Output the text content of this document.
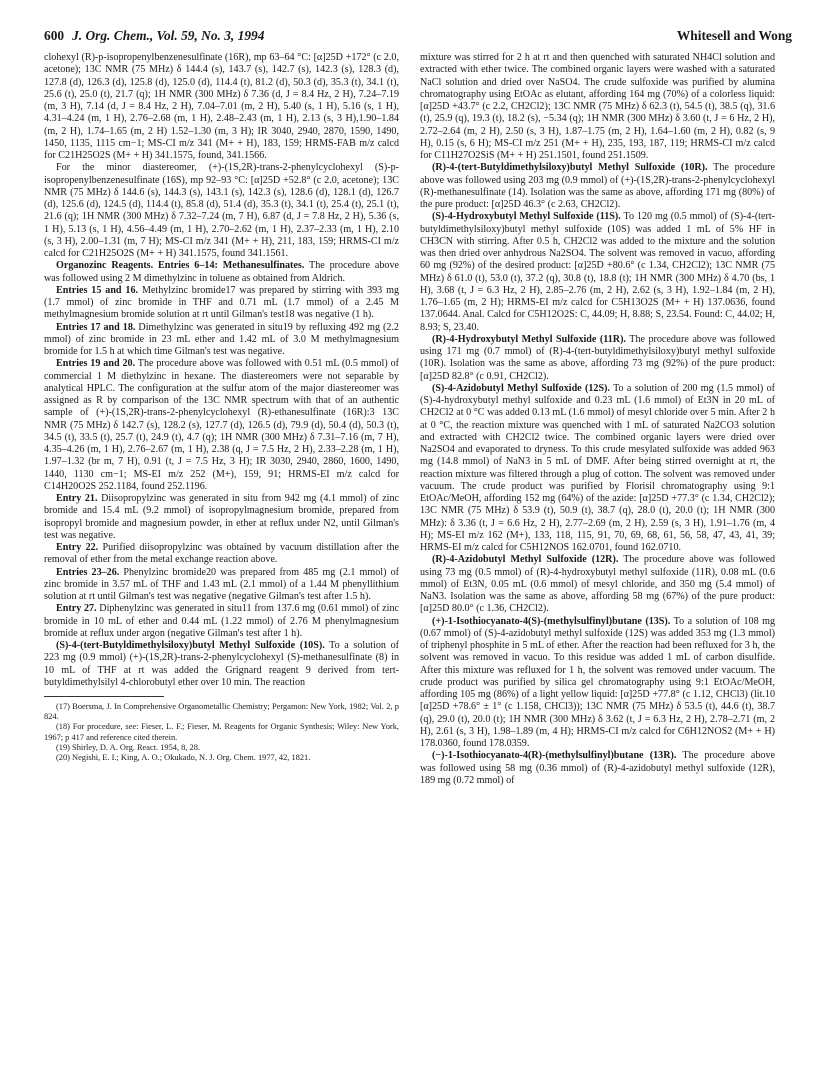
600 J. Org. Chem., Vol. 59, No. 3, 1994	Whitesell and Wong

clohexyl (R)-p-isopropenylbenzenesulfinate (16R), mp 63–64 °C: [α]25D +172° (c 2.0, acetone); 13C NMR (75 MHz) δ 144.4 (s), 143.7 (s), 142.7 (s), 142.3 (s), 128.3 (d), 127.8 (d), 126.3 (d), 125.8 (d), 125.0 (d), 114.4 (t), 81.2 (d), 50.3 (d), 35.3 (t), 34.1 (t), 25.6 (t), 25.0 (t), 21.7 (q); 1H NMR (300 MHz) δ 7.36 (d, J = 8.4 Hz, 2 H), 7.24–7.19 (m, 3 H), 7.14 (d, J = 8.4 Hz, 2 H), 7.04–7.01 (m, 2 H), 5.40 (s, 1 H), 5.16 (s, 1 H), 4.31–4.24 (m, 1 H), 2.76–2.68 (m, 1 H), 2.48–2.43 (m, 1 H), 2.13 (s, 3 H),1.90–1.84 (m, 2 H), 1.74–1.65 (m, 2 H) 1.52–1.30 (m, 3 H); IR 3040, 2940, 2870, 1590, 1490, 1450, 1135, 1115 cm−1; MS-CI m/z 341 (M+ + H), 183, 159; HRMS-FAB m/z calcd for C21H25O2S (M+ + H) 341.1575, found, 341.1566.

For the minor diastereomer, (+)-(1S,2R)-trans-2-phenylcyclohexyl (S)-p-isopropenylbenzenesulfinate (16S), mp 92–93 °C: [α]25D +52.8° (c 2.0, acetone); 13C NMR (75 MHz) δ 144.6 (s), 144.3 (s), 143.1 (s), 142.3 (s), 128.6 (d), 128.1 (d), 126.7 (d), 125.6 (d), 124.5 (d), 114.4 (t), 85.8 (d), 51.4 (d), 35.3 (t), 34.1 (t), 25.4 (t), 25.1 (t), 21.6 (q); 1H NMR (300 MHz) δ 7.32–7.24 (m, 7 H), 6.87 (d, J = 7.8 Hz, 2 H), 5.36 (s, 1 H), 5.13 (s, 1 H), 4.56–4.49 (m, 1 H), 2.70–2.62 (m, 1 H), 2.37–2.33 (m, 1 H), 2.10 (s, 3 H), 2.00–1.31 (m, 7 H); MS-CI m/z 341 (M+ + H), 211, 183, 159; HRMS-CI m/z calcd for C21H25O2S (M+ + H) 341.1575, found 341.1561.

Organozinc Reagents. Entries 6–14: Methanesulfinates. The procedure above was followed using 2 M dimethylzinc in toluene as obtained from Aldrich.

Entries 15 and 16. Methylzinc bromide17 was prepared by stirring with 393 mg (1.7 mmol) of zinc bromide in THF and 0.71 mL (1.7 mmol) of a 2.45 M methylmagnesium bromide solution at rt until Gilman's test18 was negative (1 h).

Entries 17 and 18. Dimethylzinc was generated in situ19 by refluxing 492 mg (2.2 mmol) of zinc bromide in 23 mL ether and 1.42 mL of 3.0 M methylmagnesium bromide for 1.5 h at which time Gilman's test was negative.

Entries 19 and 20. The procedure above was followed with 0.51 mL (0.5 mmol) of commercial 1 M diethylzinc in hexane. The diastereomers were not separable by analytical HPLC. The configuration at the sulfur atom of the major diastereomer was assigned as R by comparison of the 13C NMR spectrum with that of an authentic sample of (+)-(1S,2R)-trans-2-phenylcyclohexyl (R)-ethanesulfinate (16R):3 13C NMR (75 MHz) δ 142.7 (s), 128.2 (s), 127.7 (d), 126.5 (d), 79.9 (d), 50.4 (d), 50.3 (t), 34.5 (t), 33.5 (t), 25.7 (t), 24.9 (t), 4.7 (q); 1H NMR (300 MHz) δ 7.31–7.16 (m, 7 H), 4.35–4.26 (m, 1 H), 2.76–2.67 (m, 1 H), 2.38 (q, J = 7.5 Hz, 2 H), 2.33–2.28 (m, 1 H), 1.97–1.32 (br m, 7 H), 0.91 (t, J = 7.5 Hz, 3 H); IR 3030, 2940, 2860, 1600, 1490, 1440, 1130 cm−1; MS-EI m/z 252 (M+), 159, 91; HRMS-EI m/z calcd for C14H20O2S 252.1184, found 252.1196.

Entry 21. Diisopropylzinc was generated in situ from 942 mg (4.1 mmol) of zinc bromide and 15.4 mL (9.2 mmol) of isopropylmagnesium bromide, prepared from isopropyl bromide and magnesium powder, in ether at reflux under N2, until Gilman's test was negative.

Entry 22. Purified diisopropylzinc was obtained by vacuum distillation after the removal of ether from the metal exchange reaction above.

Entries 23–26. Phenylzinc bromide20 was prepared from 485 mg (2.1 mmol) of zinc bromide in 3.57 mL of THF and 1.43 mL (2.1 mmol) of a 1.44 M phenyllithium solution at rt until Gilman's test was negative (negative Gilman's test after 1.5 h).

Entry 27. Diphenylzinc was generated in situ11 from 137.6 mg (0.61 mmol) of zinc bromide in 10 mL of ether and 0.44 mL (1.22 mmol) of 2.76 M phenylmagnesium bromide at reflux under argon (negative Gilman's test after 1 h).

(S)-4-(tert-Butyldimethylsiloxy)butyl Methyl Sulfoxide (10S). To a solution of 223 mg (0.9 mmol) (+)-(1S,2R)-trans-2-phenylcyclohexyl (S)-methanesulfinate (8) in 10 mL of THF at rt was added the Grignard reagent 9 derived from tert-butyldimethylsilyl 4-chlorobutyl ether over 10 min. The reaction

(17) Boersma, J. In Comprehensive Organometallic Chemistry; Pergamon: New York, 1982; Vol. 2, p 824.

(18) For procedure, see: Fieser, L. F.; Fieser, M. Reagents for Organic Synthesis; Wiley: New York, 1967; p 417 and reference cited therein.

(19) Shirley, D. A. Org. React. 1954, 8, 28.

(20) Negishi, E. I.; King, A. O.; Okukado, N. J. Org. Chem. 1977, 42, 1821.

mixture was stirred for 2 h at rt and then quenched with saturated NH4Cl solution and extracted with ether twice. The combined organic layers were washed with a saturated NaCl solution and dried over NaSO4. The crude sulfoxide was purified by alumina chromatography using EtOAc as elutant, affording 164 mg (70%) of a colorless liquid: [α]25D +43.7° (c 2.2, CH2Cl2); 13C NMR (75 MHz) δ 62.3 (t), 54.5 (t), 38.5 (q), 31.6 (t), 25.9 (q), 19.3 (t), 18.2 (s), −5.34 (q); 1H NMR (300 MHz) δ 3.60 (t, J = 6 Hz, 2 H), 2.72–2.64 (m, 2 H), 2.50 (s, 3 H), 1.87–1.75 (m, 2 H), 1.64–1.60 (m, 2 H), 0.82 (s, 9 H), 0.15 (s, 6 H); MS-CI m/z 251 (M+ + H), 235, 193, 187, 119; HRMS-CI m/z calcd for C11H27O2SiS (M+ + H) 251.1501, found 251.1509.

(R)-4-(tert-Butyldimethylsiloxy)butyl Methyl Sulfoxide (10R). The procedure above was followed using 203 mg (0.9 mmol) of (+)-(1S,2R)-trans-2-phenylcyclohexyl (R)-methanesulfinate (14). Isolation was the same as above, affording 171 mg (80%) of the pure product: [α]25D 46.3° (c 2.63, CH2Cl2).

(S)-4-Hydroxybutyl Methyl Sulfoxide (11S). To 120 mg (0.5 mmol) of (S)-4-(tert-butyldimethylsiloxy)butyl methyl sulfoxide (10S) was added 1 mL of 5% HF in CH3CN with stirring. After 0.5 h, CH2Cl2 was added to the mixture and the solution was then dried over anhydrous Na2SO4. The solvent was removed in vacuo, affording 60 mg (92%) of the desired product: [α]25D +80.6° (c 1.34, CH2Cl2); 13C NMR (75 MHz) δ 61.0 (t), 53.0 (t), 37.2 (q), 30.8 (t), 18.8 (t); 1H NMR (300 MHz) δ 4.70 (bs, 1 H), 3.68 (t, J = 6.3 Hz, 2 H), 2.85–2.76 (m, 2 H), 2.62 (s, 3 H), 1.92–1.84 (m, 2 H), 1.76–1.65 (m, 2 H); HRMS-EI m/z calcd for C5H13O2S (M+ + H) 137.0636, found 137.0644. Anal. Calcd for C5H12O2S: C, 44.09; H, 8.88; S, 23.54. Found: C, 44.02; H, 8.93; S, 23.40.

(R)-4-Hydroxybutyl Methyl Sulfoxide (11R). The procedure above was followed using 171 mg (0.7 mmol) of (R)-4-(tert-butyldimethylsiloxy)butyl methyl sulfoxide (10R). Isolation was the same as above, affording 73 mg (92%) of the pure product: [α]25D 82.8° (c 0.91, CH2Cl2).

(S)-4-Azidobutyl Methyl Sulfoxide (12S). To a solution of 200 mg (1.5 mmol) of (S)-4-hydroxybutyl methyl sulfoxide and 0.23 mL (1.6 mmol) of Et3N in 20 mL of CH2Cl2 at 0 °C was added 0.13 mL (1.6 mmol) of mesyl chloride over 5 min. After 2 h at 0 °C, the reaction mixture was quenched with 1 mL of saturated Na2CO3 solution and extracted with CH2Cl2 twice. The combined organic layers were dried over Na2SO4 and evaporated to dryness. To this crude mesylated sulfoxide was added 963 mg (14.8 mmol) of NaN3 in 5 mL of DMF. After being stirred overnight at rt, the reaction mixture was filtered through a plug of cotton. The solvent was removed under vacuum. The crude product was purified by Florisil chromatography using 9:1 EtOAc/MeOH, affording 152 mg (64%) of the azide: [α]25D +77.3° (c 1.34, CH2Cl2); 13C NMR (75 MHz) δ 53.9 (t), 50.9 (t), 38.7 (q), 28.0 (t), 20.0 (t); 1H NMR (300 MHz): δ 3.36 (t, J = 6.6 Hz, 2 H), 2.77–2.69 (m, 2 H), 2.59 (s, 3 H), 1.91–1.76 (m, 4 H); MS-EI m/z 162 (M+), 133, 118, 115, 91, 70, 69, 68, 61, 56, 58, 47, 43, 41, 39; HRMS-EI m/z calcd for C5H12NOS 162.0701, found 162.0710.

(R)-4-Azidobutyl Methyl Sulfoxide (12R). The procedure above was followed using 73 mg (0.5 mmol) of (R)-4-hydroxybutyl methyl sulfoxide (11R), 0.08 mL (0.6 mmol) of Et3N, 0.05 mL (0.6 mmol) of mesyl chloride, and 350 mg (5.4 mmol) of NaN3. Isolation was the same as above, affording 58 mg (67%) of the pure product: [α]25D 80.0° (c 1.36, CH2Cl2).

(+)-1-Isothiocyanato-4(S)-(methylsulfinyl)butane (13S). To a solution of 108 mg (0.67 mmol) of (S)-4-azidobutyl methyl sulfoxide (12S) was added 353 mg (1.3 mmol) of triphenyl phosphite in 5 mL of ether. After the reaction had been refluxed for 3 h, the solvent was removed in vacuo. To this residue was added 1 mL of carbon disulfide. After this mixture was refluxed for 1 h, the solvent was removed under vacuum. The crude product was purified by silica gel chromatography using 9:1 EtOAc/MeOH, affording 105 mg (86%) of a light yellow liquid: [α]25D +77.8° (c 1.12, CHCl3) (lit.10 [α]25D +78.6° ± 1° (c 1.158, CHCl3)); 13C NMR (75 MHz) δ 53.5 (t), 44.6 (t), 38.7 (q), 29.0 (t), 20.0 (t); 1H NMR (300 MHz) δ 3.62 (t, J = 6.3 Hz, 2 H), 2.78–2.71 (m, 2 H), 2.61 (s, 3 H), 1.98–1.89 (m, 4 H); HRMS-CI m/z calcd for C6H12NOS2 (M+ + H) 178.0360, found 178.0359.

(−)-1-Isothiocyanato-4(R)-(methylsulfinyl)butane (13R). The procedure above was followed using 58 mg (0.36 mmol) of (R)-4-azidobutyl methyl sulfoxide (12R), 189 mg (0.72 mmol) of
